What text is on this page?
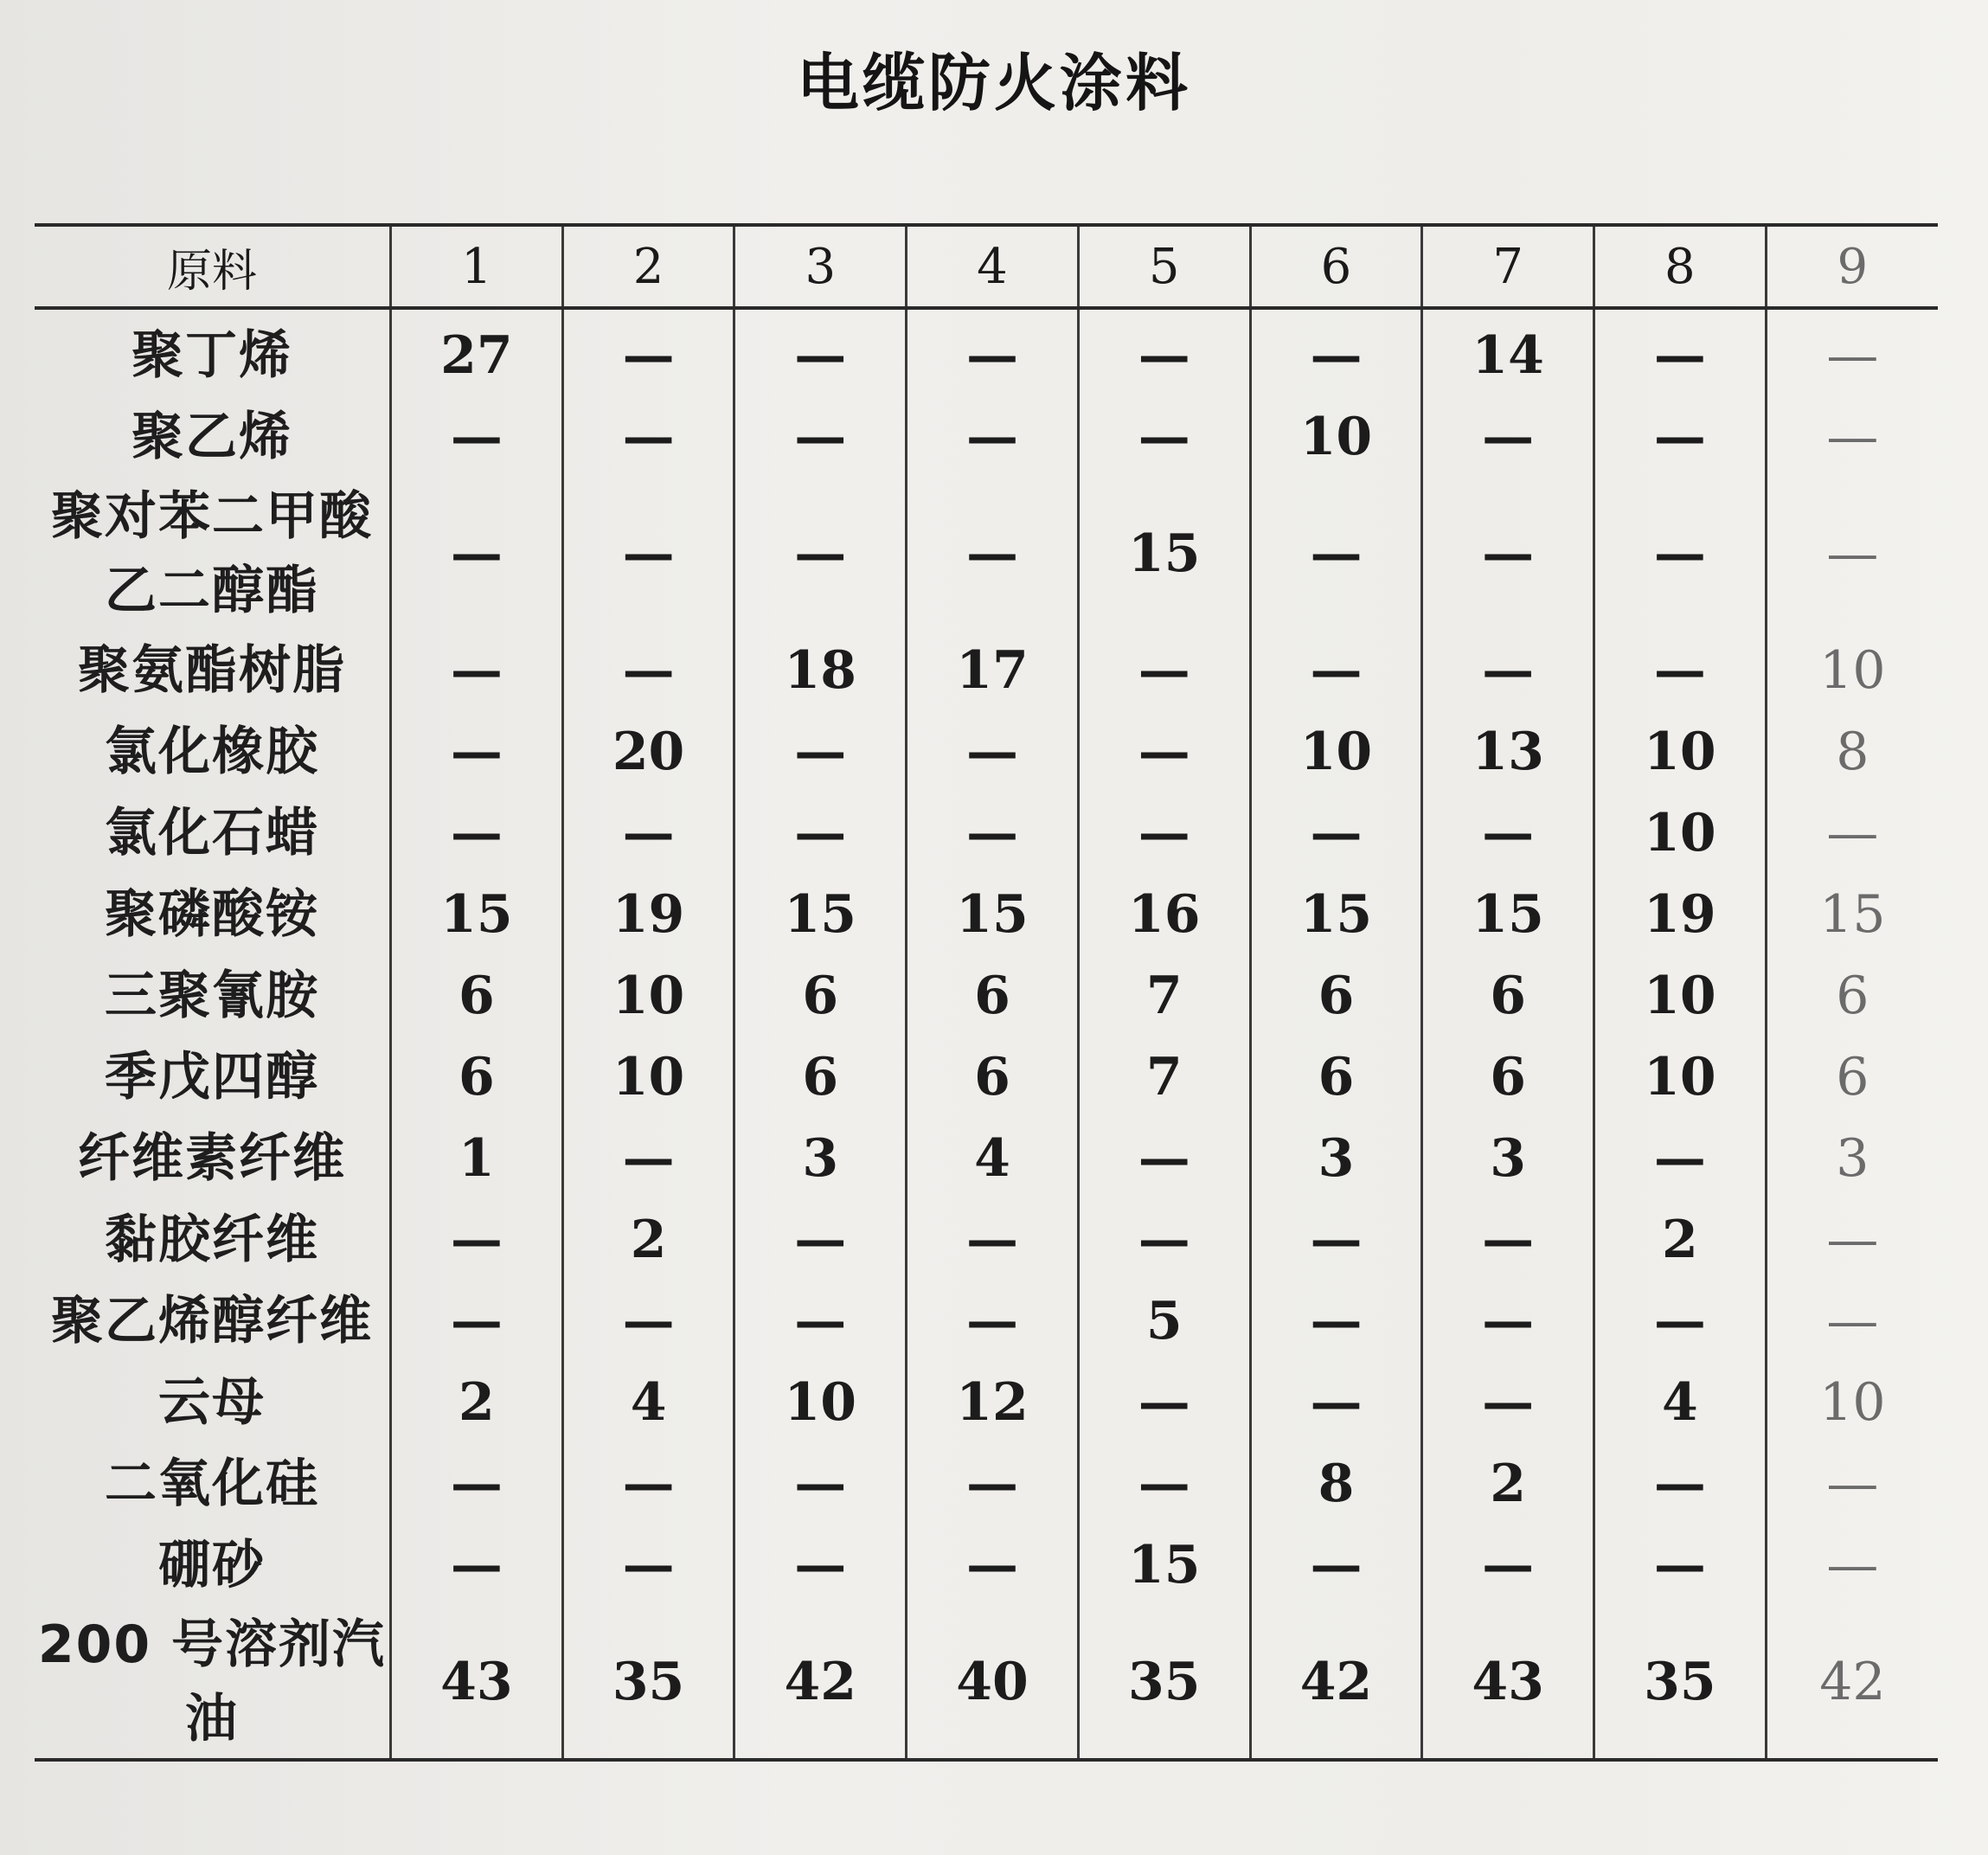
电缆防火涂料
原料	1	2	3	4	5	6	7	8	9
聚丁烯	27	—	—	—	—	—	14	—	—
聚乙烯	—	—	—	—	—	10	—	—	—
聚对苯二甲酸
乙二醇酯	—	—	—	—	15	—	—	—	—
聚氨酯树脂	—	—	18	17	—	—	—	—	10
氯化橡胶	—	20	—	—	—	10	13	10	8
氯化石蜡	—	—	—	—	—	—	—	10	—
聚磷酸铵	15	19	15	15	16	15	15	19	15
三聚氰胺	6	10	6	6	7	6	6	10	6
季戊四醇	6	10	6	6	7	6	6	10	6
纤维素纤维	1	—	3	4	—	3	3	—	3
黏胶纤维	—	2	—	—	—	—	—	2	—
聚乙烯醇纤维	—	—	—	—	5	—	—	—	—
云母	2	4	10	12	—	—	—	4	10
二氧化硅	—	—	—	—	—	8	2	—	—
硼砂	—	—	—	—	15	—	—	—	—
200 号溶剂汽
油	43	35	42	40	35	42	43	35	42
